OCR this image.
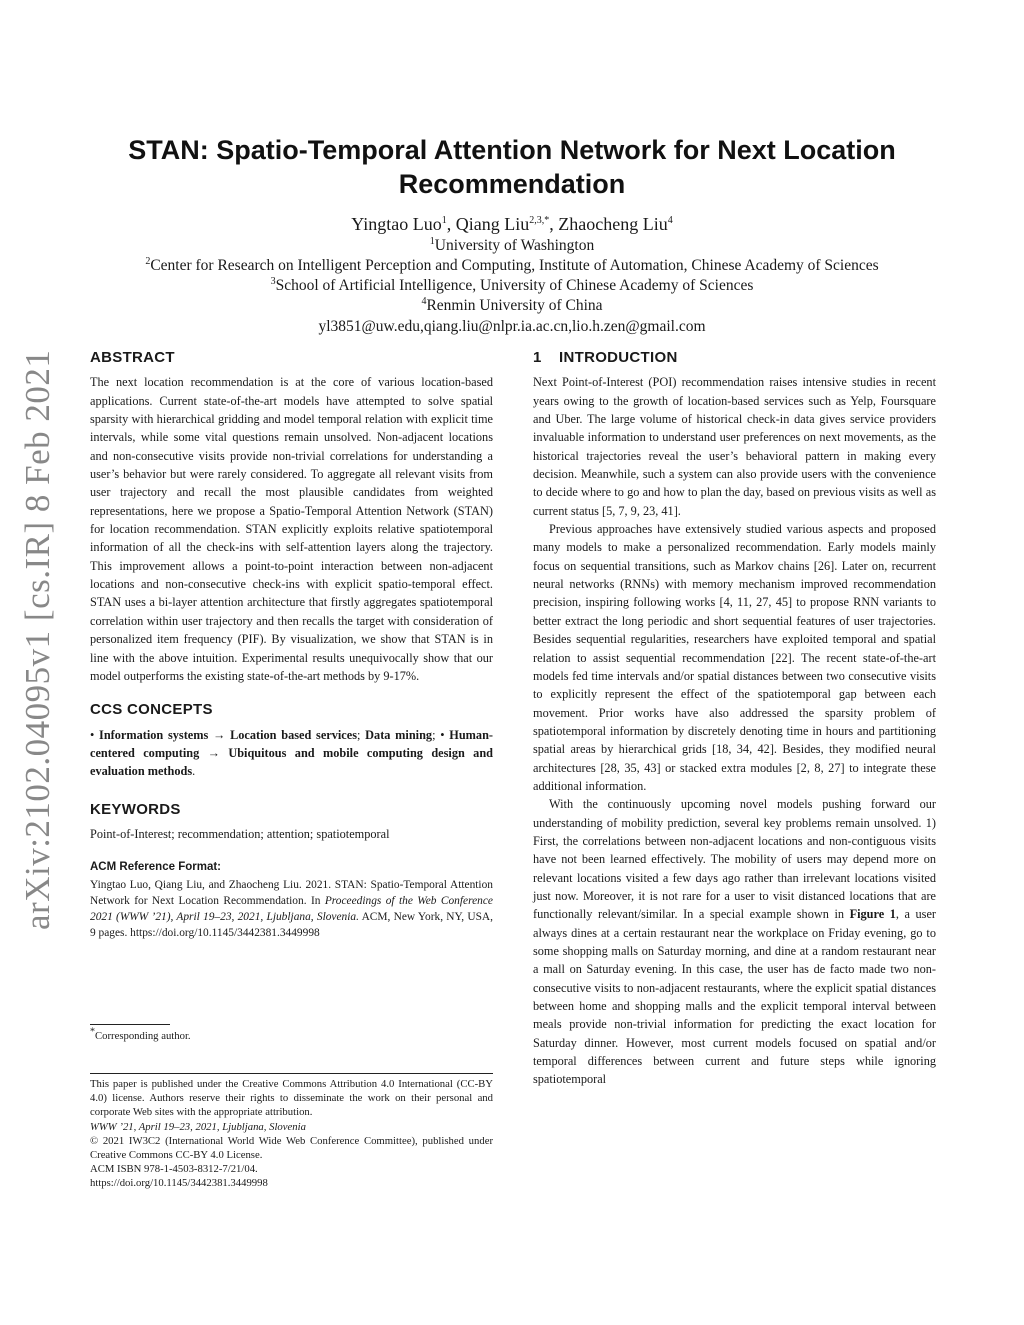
arXiv:2102.04095v1 [cs.IR] 8 Feb 2021
STAN: Spatio-Temporal Attention Network for Next Location Recommendation
Yingtao Luo$^1$, Qiang Liu$^{2,3,*}$, Zhaocheng Liu$^4$
$^1$University of Washington
$^2$Center for Research on Intelligent Perception and Computing, Institute of Automation, Chinese Academy of Sciences
$^3$School of Artificial Intelligence, University of Chinese Academy of Sciences
$^4$Renmin University of China
yl3851@uw.edu,qiang.liu@nlpr.ia.ac.cn,lio.h.zen@gmail.com
ABSTRACT

The next location recommendation is at the core of various location-based applications. Current state-of-the-art models have attempted to solve spatial sparsity with hierarchical gridding and model temporal relation with explicit time intervals, while some vital questions remain unsolved. Non-adjacent locations and non-consecutive visits provide non-trivial correlations for understanding a user’s behavior but were rarely considered. To aggregate all relevant visits from user trajectory and recall the most plausible candidates from weighted representations, here we propose a Spatio-Temporal Attention Network (STAN) for location recommendation. STAN explicitly exploits relative spatiotemporal information of all the check-ins with self-attention layers along the trajectory. This improvement allows a point-to-point interaction between non-adjacent locations and non-consecutive check-ins with explicit spatio-temporal effect. STAN uses a bi-layer attention architecture that firstly aggregates spatiotemporal correlation within user trajectory and then recalls the target with consideration of personalized item frequency (PIF). By visualization, we show that STAN is in line with the above intuition. Experimental results unequivocally show that our model outperforms the existing state-of-the-art methods by 9-17%.

CCS CONCEPTS

• Information systems → Location based services; Data mining; • Human-centered computing → Ubiquitous and mobile computing design and evaluation methods.

KEYWORDS

Point-of-Interest; recommendation; attention; spatiotemporal

ACM Reference Format:

Yingtao Luo, Qiang Liu, and Zhaocheng Liu. 2021. STAN: Spatio-Temporal Attention Network for Next Location Recommendation. In Proceedings of the Web Conference 2021 (WWW ’21), April 19–23, 2021, Ljubljana, Slovenia. ACM, New York, NY, USA, 9 pages. https://doi.org/10.1145/3442381.3449998

*Corresponding author.
This paper is published under the Creative Commons Attribution 4.0 International (CC-BY 4.0) license. Authors reserve their rights to disseminate the work on their personal and corporate Web sites with the appropriate attribution.
WWW ’21, April 19–23, 2021, Ljubljana, Slovenia
© 2021 IW3C2 (International World Wide Web Conference Committee), published under Creative Commons CC-BY 4.0 License.
ACM ISBN 978-1-4503-8312-7/21/04.
https://doi.org/10.1145/3442381.3449998
1 INTRODUCTION

Next Point-of-Interest (POI) recommendation raises intensive studies in recent years owing to the growth of location-based services such as Yelp, Foursquare and Uber. The large volume of historical check-in data gives service providers invaluable information to understand user preferences on next movements, as the historical trajectories reveal the user’s behavioral pattern in making every decision. Meanwhile, such a system can also provide users with the convenience to decide where to go and how to plan the day, based on previous visits as well as current status [5, 7, 9, 23, 41].

Previous approaches have extensively studied various aspects and proposed many models to make a personalized recommendation. Early models mainly focus on sequential transitions, such as Markov chains [26]. Later on, recurrent neural networks (RNNs) with memory mechanism improved recommendation precision, inspiring following works [4, 11, 27, 45] to propose RNN variants to better extract the long periodic and short sequential features of user trajectories. Besides sequential regularities, researchers have exploited temporal and spatial relation to assist sequential recommendation [22]. The recent state-of-the-art models fed time intervals and/or spatial distances between two consecutive visits to explicitly represent the effect of the spatiotemporal gap between each movement. Prior works have also addressed the sparsity problem of spatiotemporal information by discretely denoting time in hours and partitioning spatial areas by hierarchical grids [18, 34, 42]. Besides, they modified neural architectures [28, 35, 43] or stacked extra modules [2, 8, 27] to integrate these additional information.

With the continuously upcoming novel models pushing forward our understanding of mobility prediction, several key problems remain unsolved. 1) First, the correlations between non-adjacent locations and non-contiguous visits have not been learned effectively. The mobility of users may depend more on relevant locations visited a few days ago rather than irrelevant locations visited just now. Moreover, it is not rare for a user to visit distanced locations that are functionally relevant/similar. In a special example shown in Figure 1, a user always dines at a certain restaurant near the workplace on Friday evening, go to some shopping malls on Saturday morning, and dine at a random restaurant near a mall on Saturday evening. In this case, the user has de facto made two non-consecutive visits to non-adjacent restaurants, where the explicit spatial distances between home and shopping malls and the explicit temporal interval between meals provide non-trivial information for predicting the exact location for Saturday dinner. However, most current models focused on spatial and/or temporal differences between current and future steps while ignoring spatiotemporal
